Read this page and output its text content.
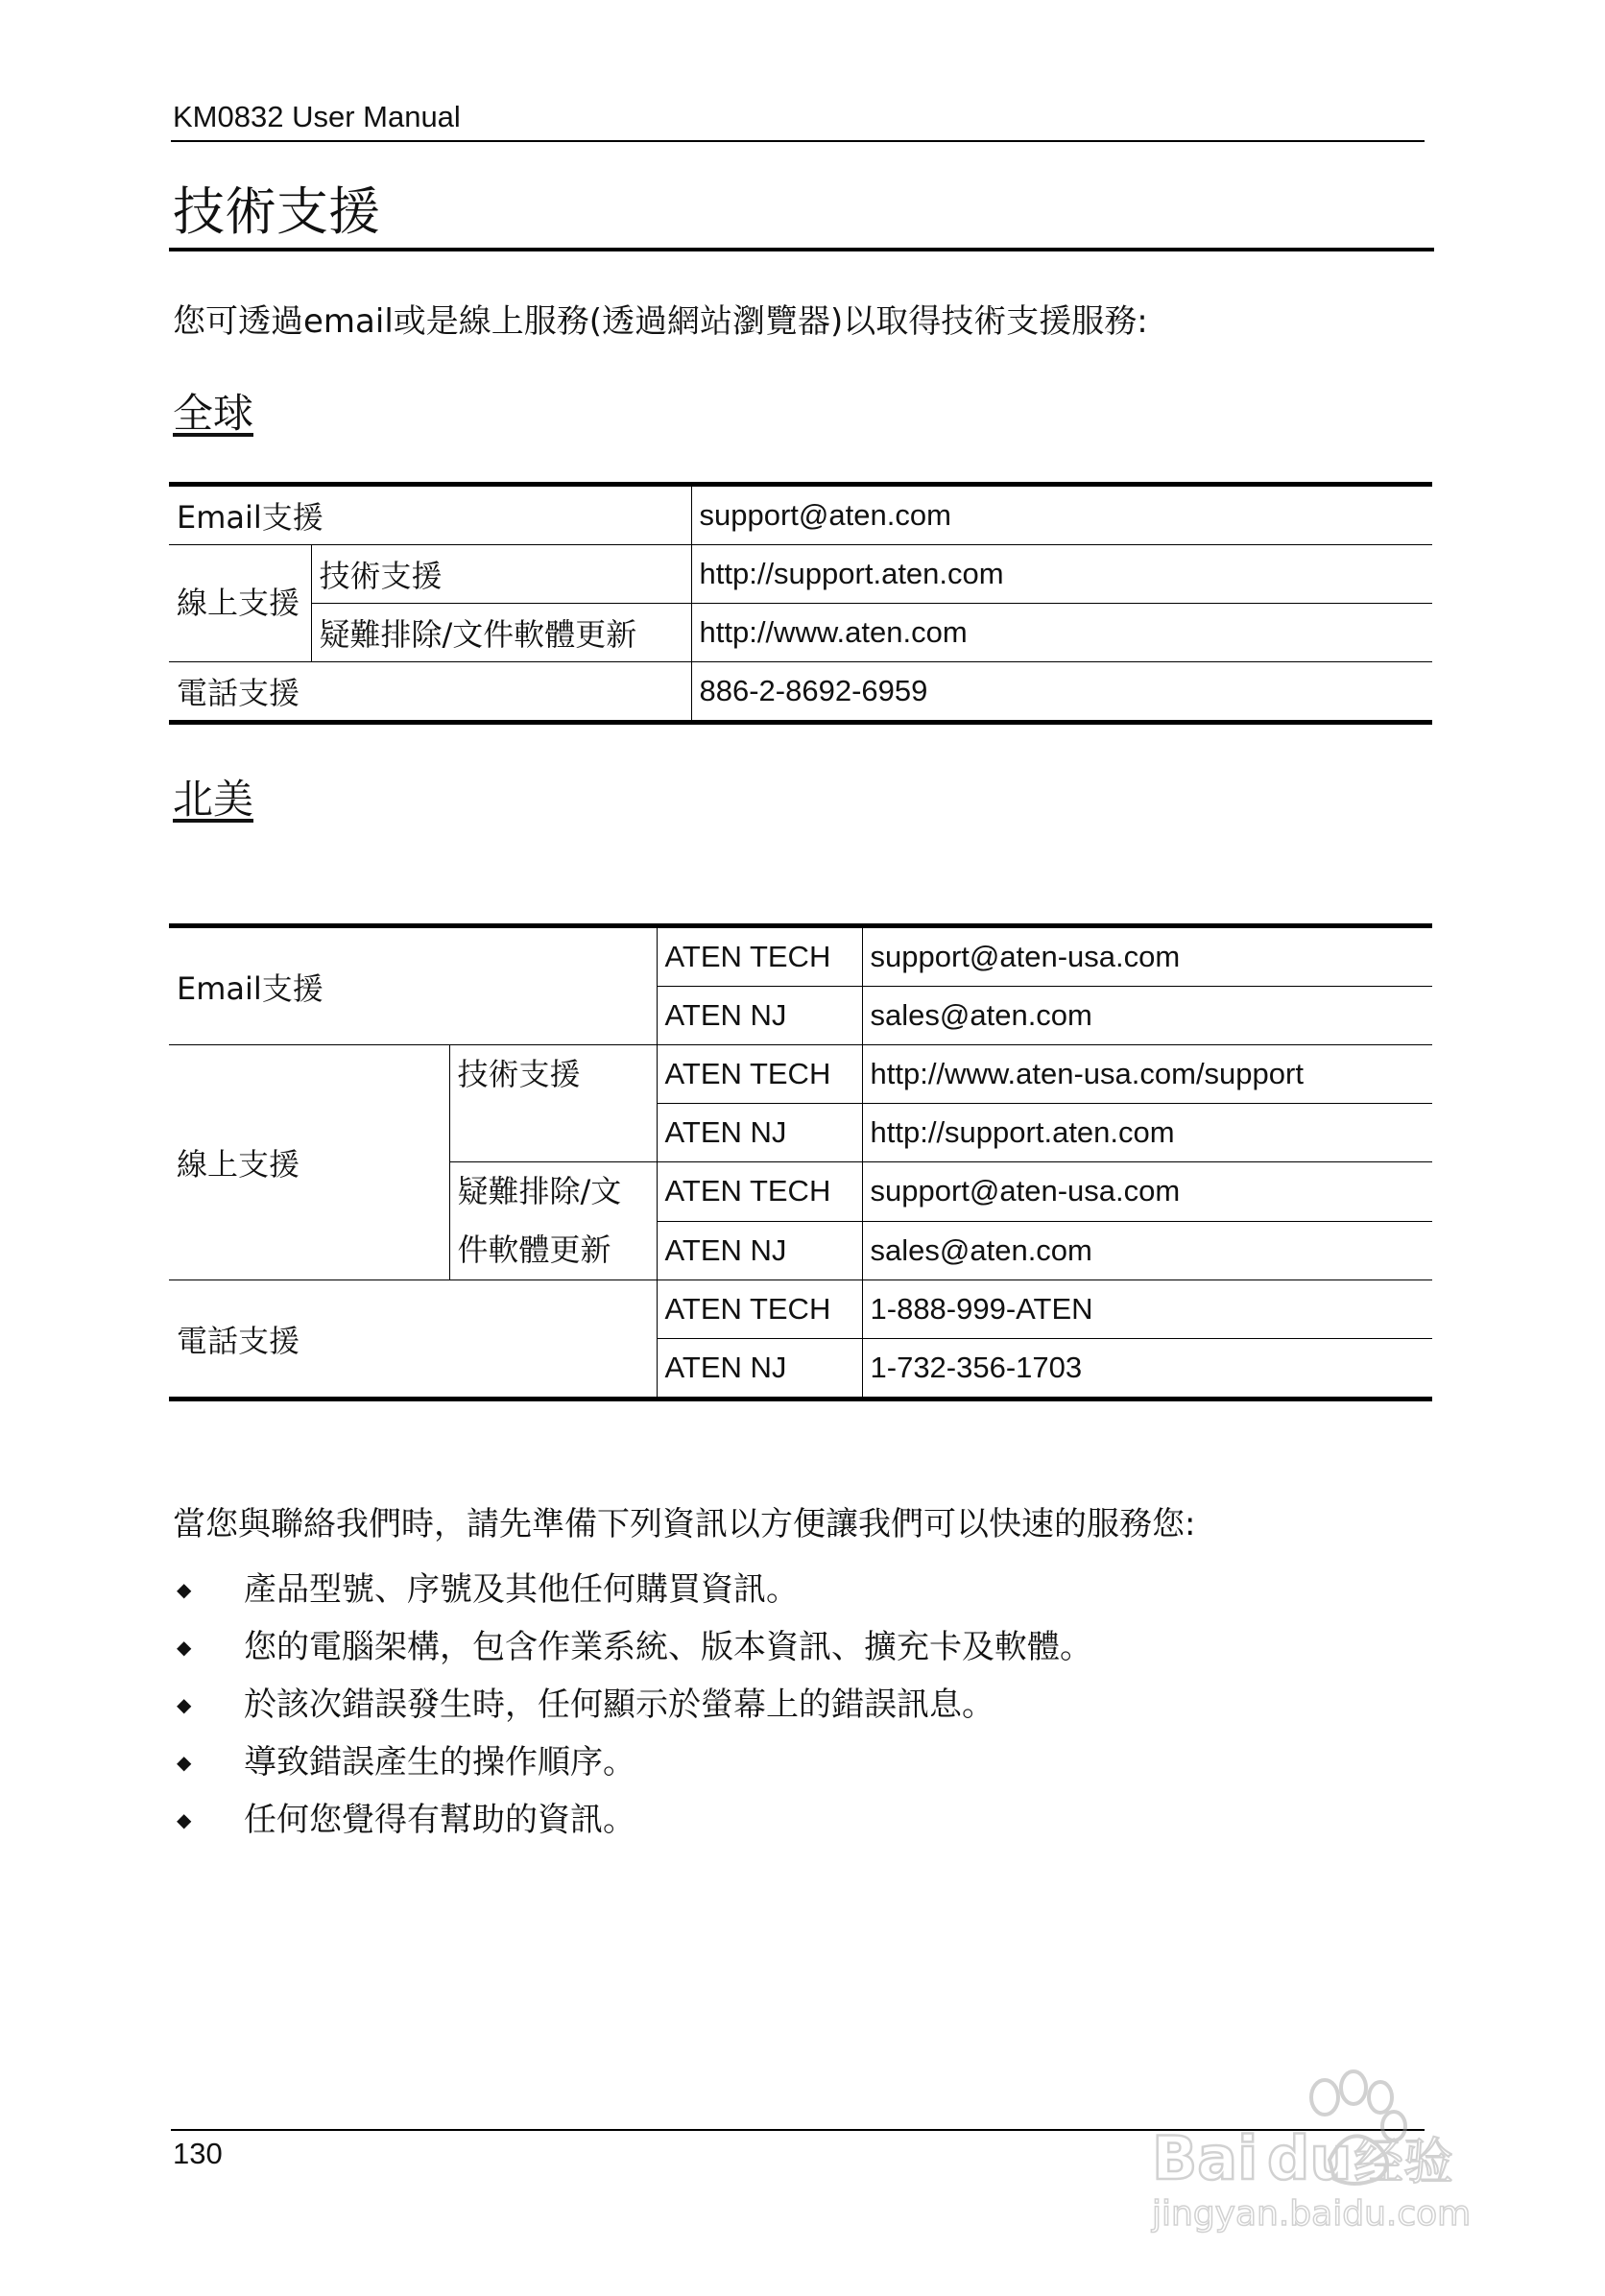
KM0832 User Manual
技術支援
您可透過email或是線上服務(透過網站瀏覽器)以取得技術支援服務:
全球
Email支援		support@aten.com
線上支援	技術支援	http://support.aten.com
	疑難排除/文件軟體更新	http://www.aten.com
電話支援		886-2-8692-6959
北美
Email支援		ATEN TECH	support@aten-usa.com
		ATEN NJ	sales@aten.com
線上支援	技術支援	ATEN TECH	http://www.aten-usa.com/support
		ATEN NJ	http://support.aten.com
	疑難排除/文件軟體更新	ATEN TECH	support@aten-usa.com
		ATEN NJ	sales@aten.com
電話支援		ATEN TECH	1-888-999-ATEN
		ATEN NJ	1-732-356-1703
當您與聯絡我們時，請先準備下列資訊以方便讓我們可以快速的服務您:
◆ 產品型號、序號及其他任何購買資訊。
◆ 您的電腦架構，包含作業系統、版本資訊、擴充卡及軟體。
◆ 於該次錯誤發生時，任何顯示於螢幕上的錯誤訊息。
◆ 導致錯誤產生的操作順序。
◆ 任何您覺得有幫助的資訊。
130	Bai du 经验
jingyan.baidu.com
